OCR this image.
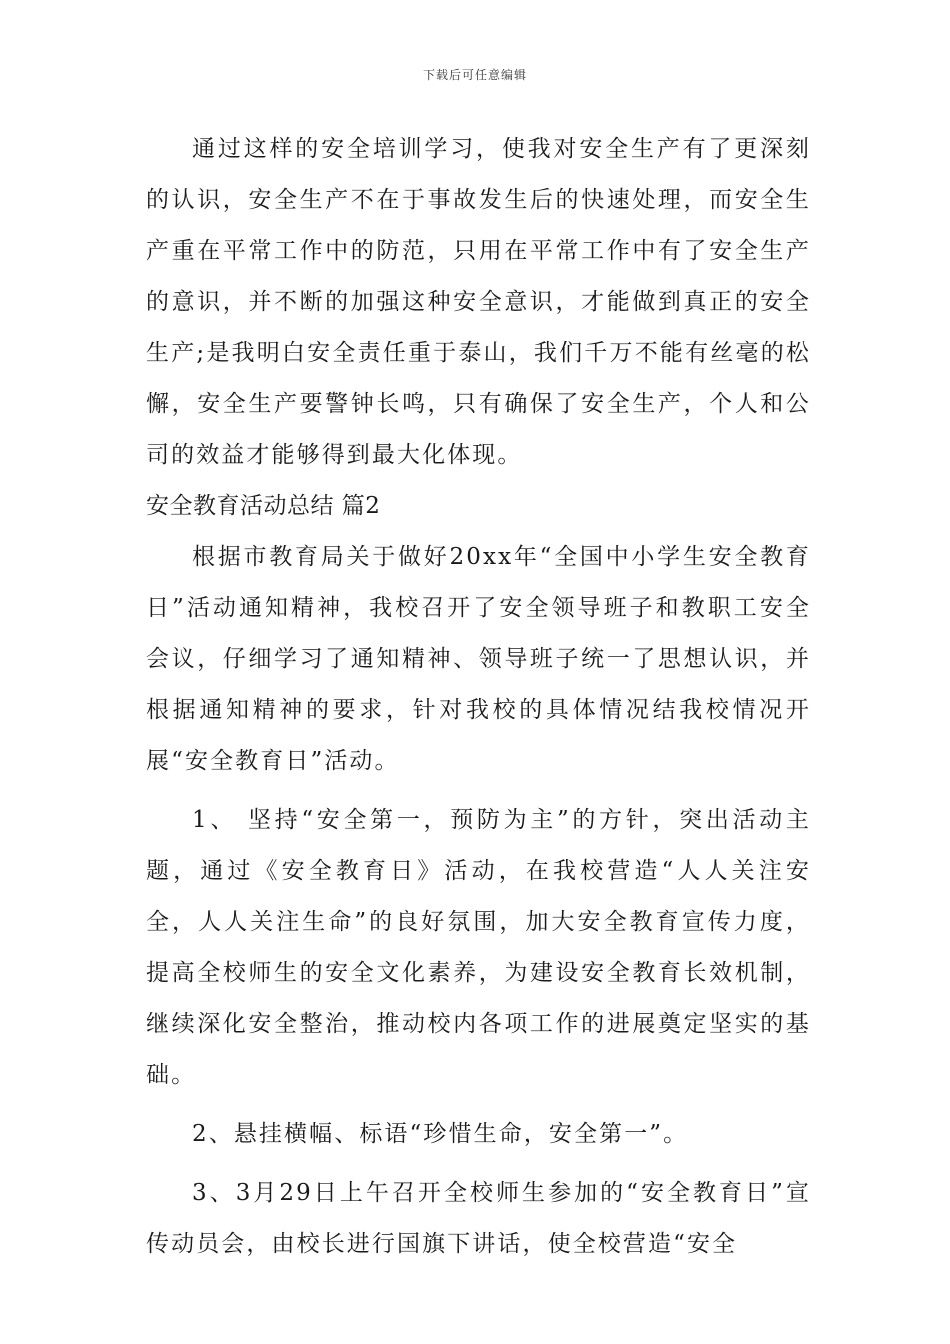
下载后可任意编辑

通过这样的安全培训学习，使我对安全生产有了更深刻的认识，安全生产不在于事故发生后的快速处理，而安全生产重在平常工作中的防范，只用在平常工作中有了安全生产的意识，并不断的加强这种安全意识，才能做到真正的安全生产;是我明白安全责任重于泰山，我们千万不能有丝毫的松懈，安全生产要警钟长鸣，只有确保了安全生产，个人和公司的效益才能够得到最大化体现。

安全教育活动总结 篇2

根据市教育局关于做好20xx年“全国中小学生安全教育日”活动通知精神，我校召开了安全领导班子和教职工安全会议，仔细学习了通知精神、领导班子统一了思想认识，并根据通知精神的要求，针对我校的具体情况结我校情况开展“安全教育日”活动。

1、 坚持“安全第一，预防为主”的方针，突出活动主题，通过《安全教育日》活动，在我校营造“人人关注安全，人人关注生命”的良好氛围，加大安全教育宣传力度，提高全校师生的安全文化素养，为建设安全教育长效机制，继续深化安全整治，推动校内各项工作的进展奠定坚实的基础。

2、悬挂横幅、标语“珍惜生命，安全第一”。

3、3月29日上午召开全校师生参加的“安全教育日”宣传动员会，由校长进行国旗下讲话，使全校营造“安全
